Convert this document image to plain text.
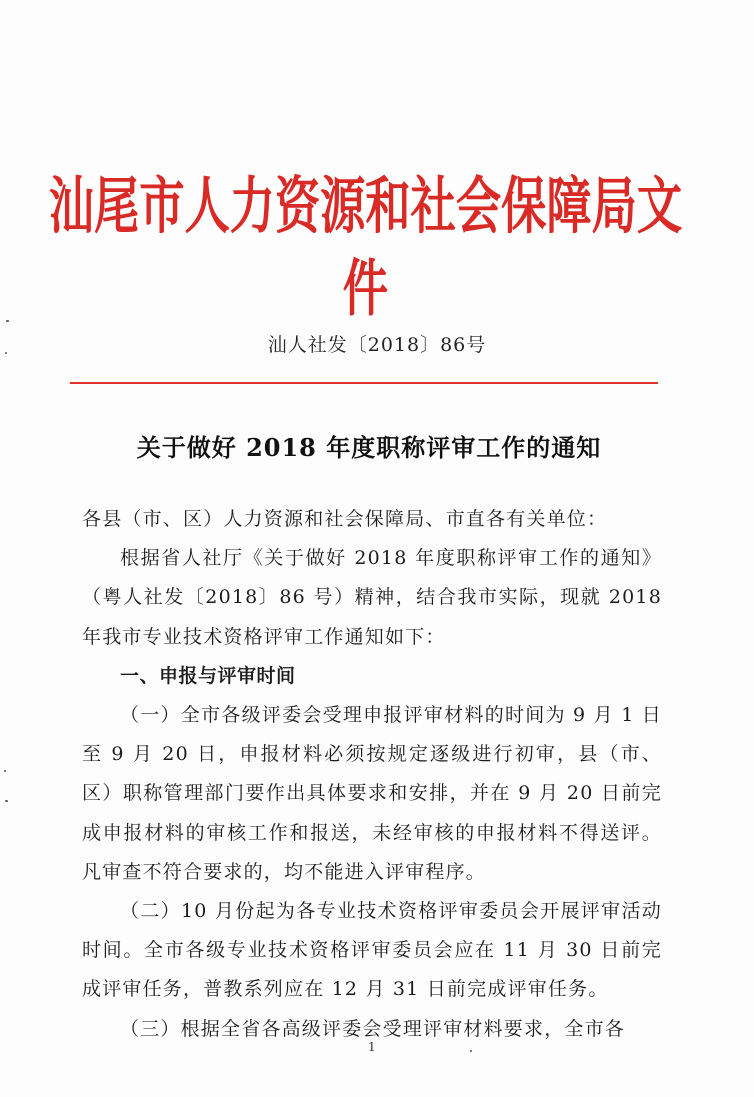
汕尾市人力资源和社会保障局文件
汕人社发〔2018〕86号
关于做好 2018 年度职称评审工作的通知

各县（市、区）人力资源和社会保障局、市直各有关单位：

根据省人社厅《关于做好 2018 年度职称评审工作的通知》（粤人社发〔2018〕86 号）精神，结合我市实际，现就 2018 年我市专业技术资格评审工作通知如下：

一、申报与评审时间

（一）全市各级评委会受理申报评审材料的时间为 9 月 1 日至 9 月 20 日，申报材料必须按规定逐级进行初审，县（市、区）职称管理部门要作出具体要求和安排，并在 9 月 20 日前完成申报材料的审核工作和报送，未经审核的申报材料不得送评。凡审查不符合要求的，均不能进入评审程序。

（二）10 月份起为各专业技术资格评审委员会开展评审活动时间。全市各级专业技术资格评审委员会应在 11 月 30 日前完成评审任务，普教系列应在 12 月 31 日前完成评审任务。

（三）根据全省各高级评委会受理评审材料要求，全市各

1
